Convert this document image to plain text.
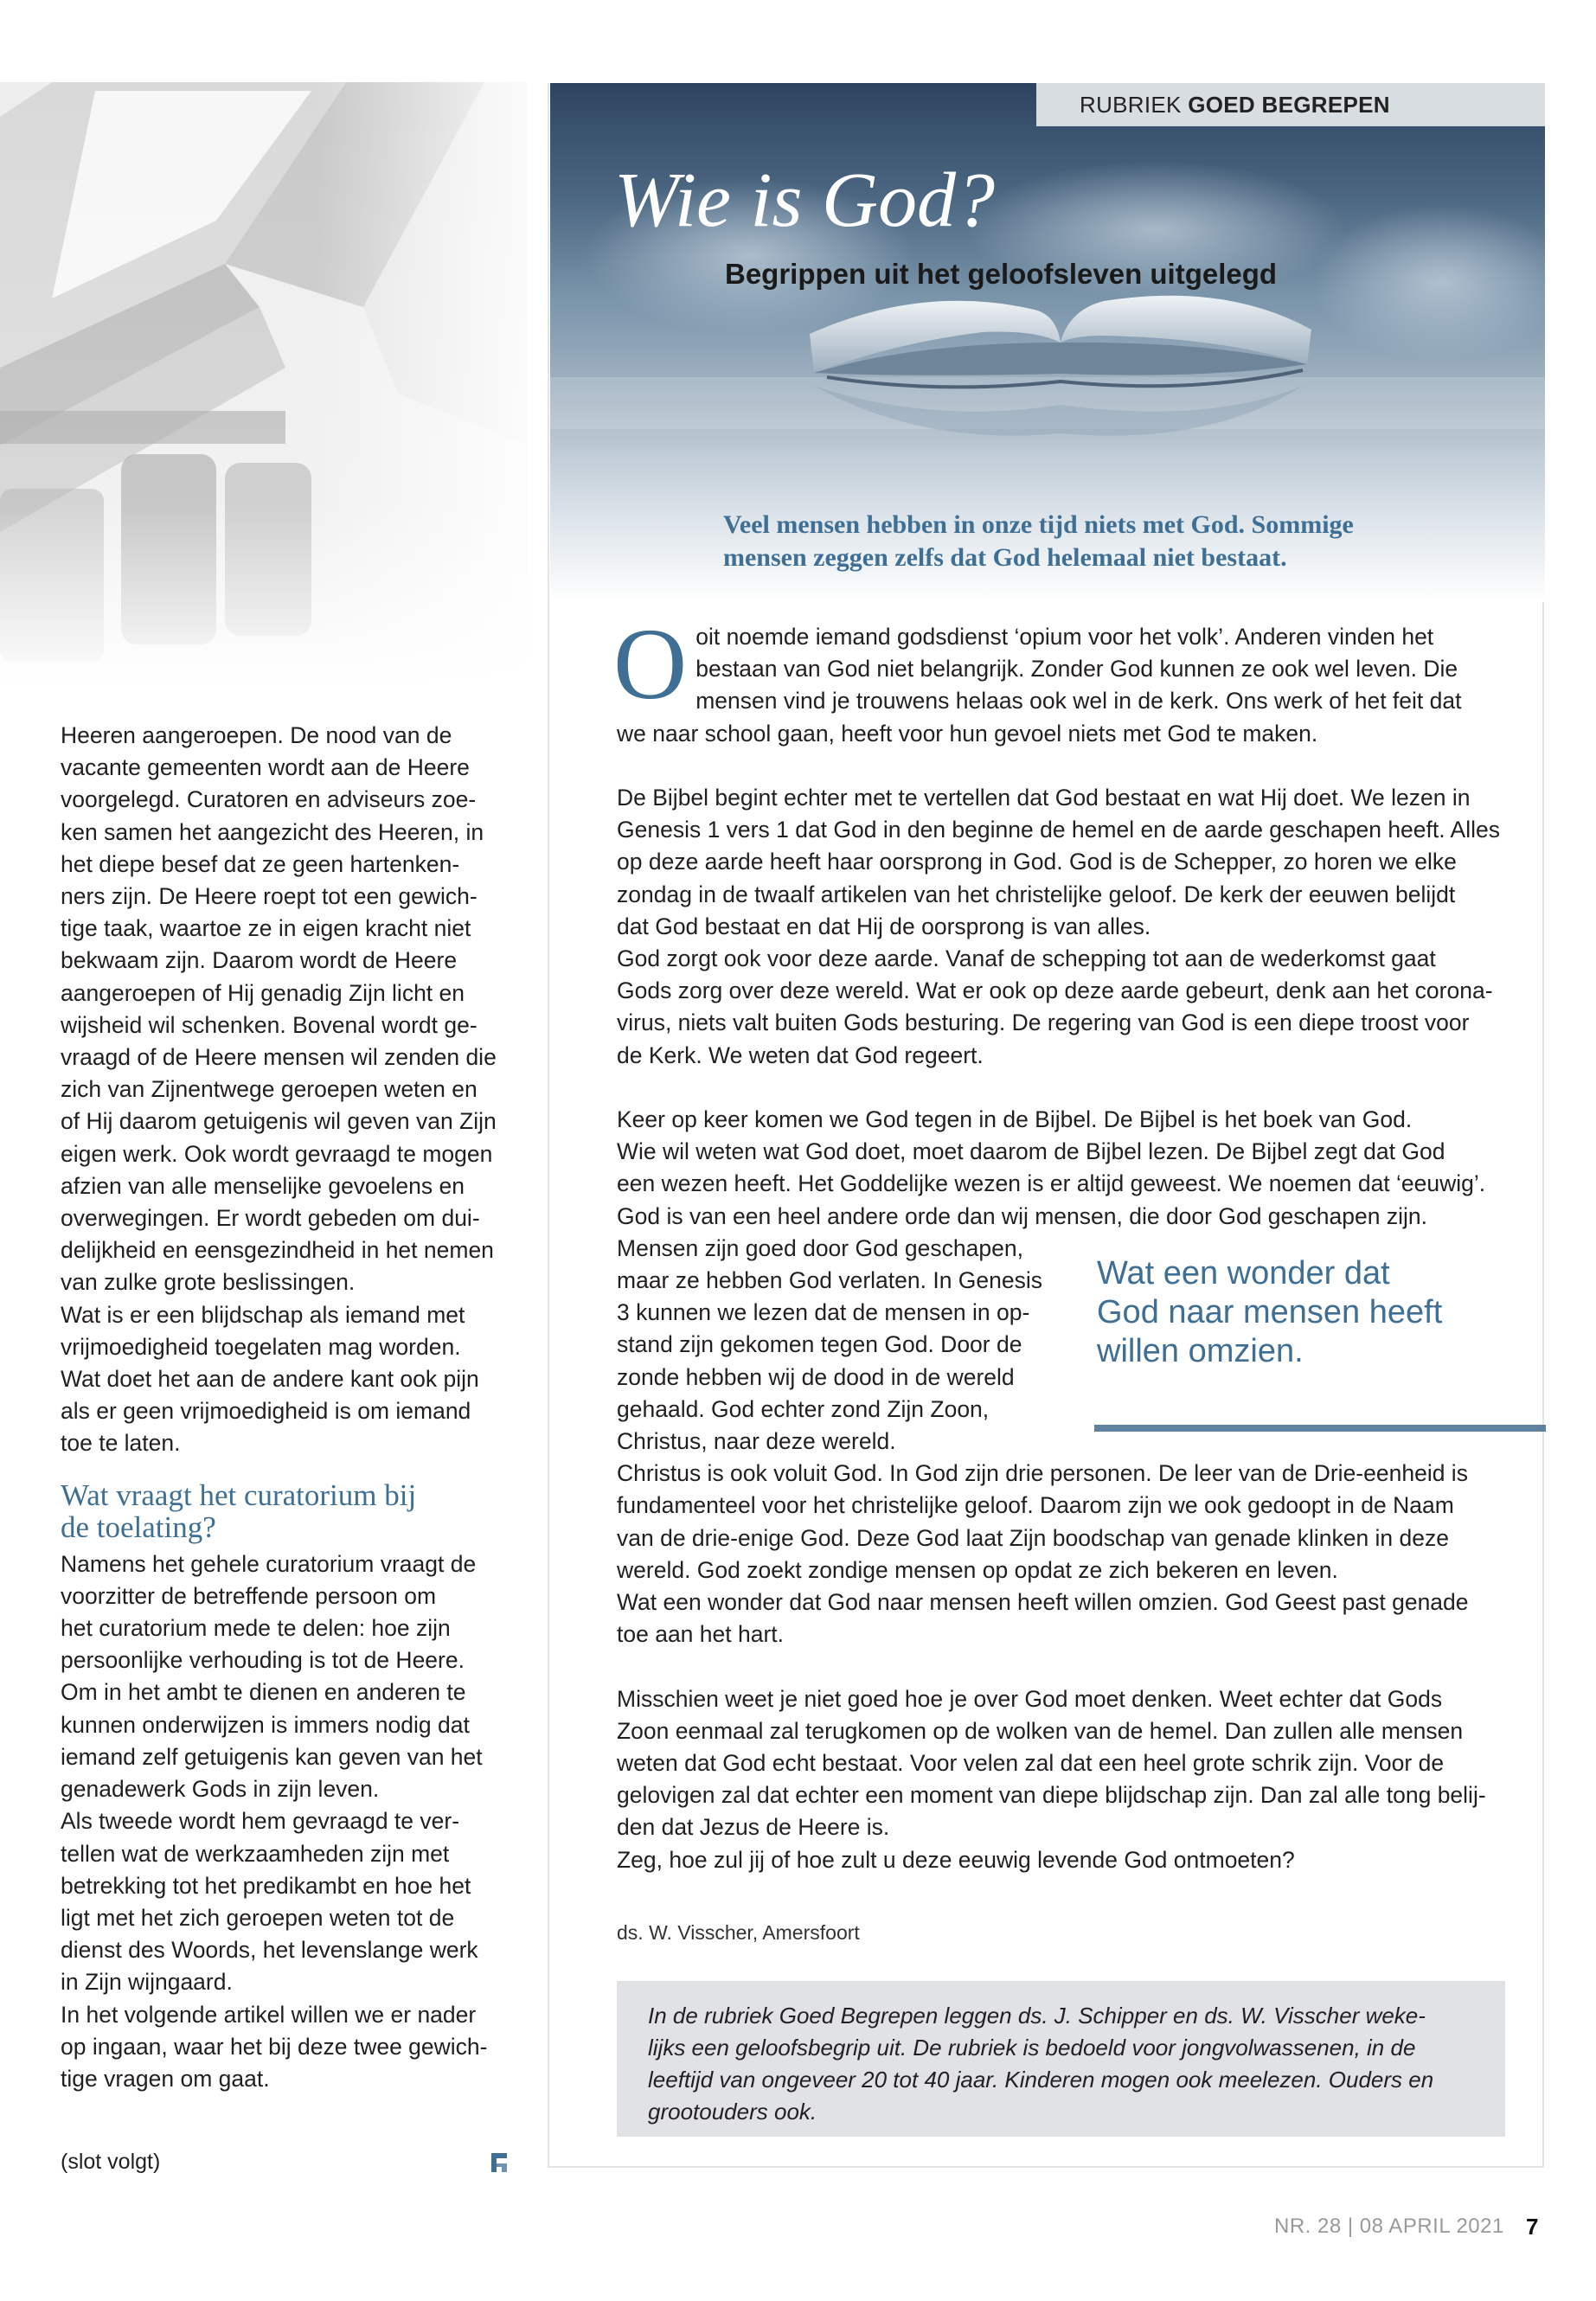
Heeren aangeroepen. De nood van de
vacante gemeenten wordt aan de Heere
voorgelegd. Curatoren en adviseurs zoe-
ken samen het aangezicht des Heeren, in
het diepe besef dat ze geen hartenken-
ners zijn. De Heere roept tot een gewich-
tige taak, waartoe ze in eigen kracht niet
bekwaam zijn. Daarom wordt de Heere
aangeroepen of Hij genadig Zijn licht en
wijsheid wil schenken. Bovenal wordt ge-
vraagd of de Heere mensen wil zenden die
zich van Zijnentwege geroepen weten en
of Hij daarom getuigenis wil geven van Zijn
eigen werk. Ook wordt gevraagd te mogen
afzien van alle menselijke gevoelens en
overwegingen. Er wordt gebeden om dui-
delijkheid en eensgezindheid in het nemen
van zulke grote beslissingen.
Wat is er een blijdschap als iemand met
vrijmoedigheid toegelaten mag worden.
Wat doet het aan de andere kant ook pijn
als er geen vrijmoedigheid is om iemand
toe te laten.
Wat vraagt het curatorium bij
de toelating?
Namens het gehele curatorium vraagt de
voorzitter de betreffende persoon om
het curatorium mede te delen: hoe zijn
persoonlijke verhouding is tot de Heere.
Om in het ambt te dienen en anderen te
kunnen onderwijzen is immers nodig dat
iemand zelf getuigenis kan geven van het
genadewerk Gods in zijn leven.
Als tweede wordt hem gevraagd te ver-
tellen wat de werkzaamheden zijn met
betrekking tot het predikambt en hoe het
ligt met het zich geroepen weten tot de
dienst des Woords, het levenslange werk
in Zijn wijngaard.
In het volgende artikel willen we er nader
op ingaan, waar het bij deze twee gewich-
tige vragen om gaat.
(slot volgt)
RUBRIEK GOED BEGREPEN
Wie is God?
Begrippen uit het geloofsleven uitgelegd
Veel mensen hebben in onze tijd niets met God. Sommige
mensen zeggen zelfs dat God helemaal niet bestaat.
O oit noemde iemand godsdienst ‘opium voor het volk’. Anderen vinden het
bestaan van God niet belangrijk. Zonder God kunnen ze ook wel leven. Die
mensen vind je trouwens helaas ook wel in de kerk. Ons werk of het feit dat
we naar school gaan, heeft voor hun gevoel niets met God te maken.
De Bijbel begint echter met te vertellen dat God bestaat en wat Hij doet. We lezen in
Genesis 1 vers 1 dat God in den beginne de hemel en de aarde geschapen heeft. Alles
op deze aarde heeft haar oorsprong in God. God is de Schepper, zo horen we elke
zondag in de twaalf artikelen van het christelijke geloof. De kerk der eeuwen belijdt
dat God bestaat en dat Hij de oorsprong is van alles.
God zorgt ook voor deze aarde. Vanaf de schepping tot aan de wederkomst gaat
Gods zorg over deze wereld. Wat er ook op deze aarde gebeurt, denk aan het corona-
virus, niets valt buiten Gods besturing. De regering van God is een diepe troost voor
de Kerk. We weten dat God regeert.
Keer op keer komen we God tegen in de Bijbel. De Bijbel is het boek van God.
Wie wil weten wat God doet, moet daarom de Bijbel lezen. De Bijbel zegt dat God
een wezen heeft. Het Goddelijke wezen is er altijd geweest. We noemen dat ‘eeuwig’.
God is van een heel andere orde dan wij mensen, die door God geschapen zijn.
Mensen zijn goed door God geschapen,
maar ze hebben God verlaten. In Genesis
3 kunnen we lezen dat de mensen in op-
stand zijn gekomen tegen God. Door de
zonde hebben wij de dood in de wereld
gehaald. God echter zond Zijn Zoon,
Christus, naar deze wereld.
Christus is ook voluit God. In God zijn drie personen. De leer van de Drie-eenheid is
fundamenteel voor het christelijke geloof. Daarom zijn we ook gedoopt in de Naam
van de drie-enige God. Deze God laat Zijn boodschap van genade klinken in deze
wereld. God zoekt zondige mensen op opdat ze zich bekeren en leven.
Wat een wonder dat God naar mensen heeft willen omzien. God Geest past genade
toe aan het hart.
Misschien weet je niet goed hoe je over God moet denken. Weet echter dat Gods
Zoon eenmaal zal terugkomen op de wolken van de hemel. Dan zullen alle mensen
weten dat God echt bestaat. Voor velen zal dat een heel grote schrik zijn. Voor de
gelovigen zal dat echter een moment van diepe blijdschap zijn. Dan zal alle tong belij-
den dat Jezus de Heere is.
Zeg, hoe zul jij of hoe zult u deze eeuwig levende God ontmoeten?
Wat een wonder dat
God naar mensen heeft
willen omzien.
ds. W. Visscher, Amersfoort
In de rubriek Goed Begrepen leggen ds. J. Schipper en ds. W. Visscher weke-
lijks een geloofsbegrip uit. De rubriek is bedoeld voor jongvolwassenen, in de
leeftijd van ongeveer 20 tot 40 jaar. Kinderen mogen ook meelezen. Ouders en
grootouders ook.
NR. 28 | 08 APRIL 2021 7
